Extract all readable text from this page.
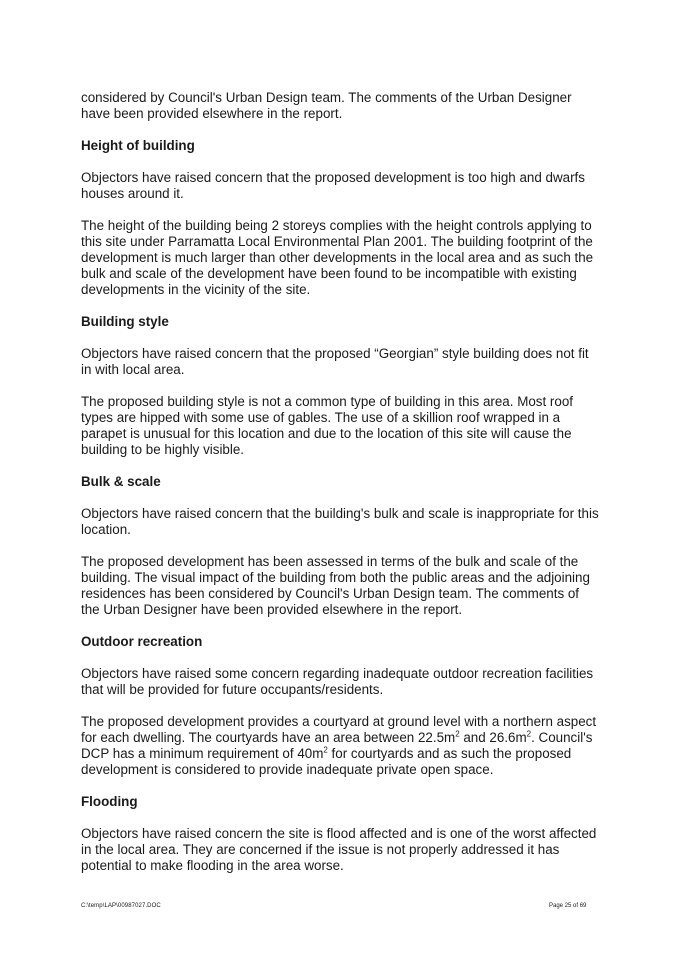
considered by Council's Urban Design team. The comments of the Urban Designer have been provided elsewhere in the report.

Height of building

Objectors have raised concern that the proposed development is too high and dwarfs houses around it.

The height of the building being 2 storeys complies with the height controls applying to this site under Parramatta Local Environmental Plan 2001. The building footprint of the development is much larger than other developments in the local area and as such the bulk and scale of the development have been found to be incompatible with existing developments in the vicinity of the site.

Building style

Objectors have raised concern that the proposed “Georgian” style building does not fit in with local area.

The proposed building style is not a common type of building in this area. Most roof types are hipped with some use of gables. The use of a skillion roof wrapped in a parapet is unusual for this location and due to the location of this site will cause the building to be highly visible.

Bulk & scale

Objectors have raised concern that the building's bulk and scale is inappropriate for this location.

The proposed development has been assessed in terms of the bulk and scale of the building. The visual impact of the building from both the public areas and the adjoining residences has been considered by Council's Urban Design team. The comments of the Urban Designer have been provided elsewhere in the report.

Outdoor recreation

Objectors have raised some concern regarding inadequate outdoor recreation facilities that will be provided for future occupants/residents.

The proposed development provides a courtyard at ground level with a northern aspect for each dwelling. The courtyards have an area between $22.5m^2$ and $26.6m^2$. Council's DCP has a minimum requirement of $40m^2$ for courtyards and as such the proposed development is considered to provide inadequate private open space.

Flooding

Objectors have raised concern the site is flood affected and is one of the worst affected in the local area. They are concerned if the issue is not properly addressed it has potential to make flooding in the area worse.

C:\temp\LAP\00987027.DOC	Page 25 of 69
